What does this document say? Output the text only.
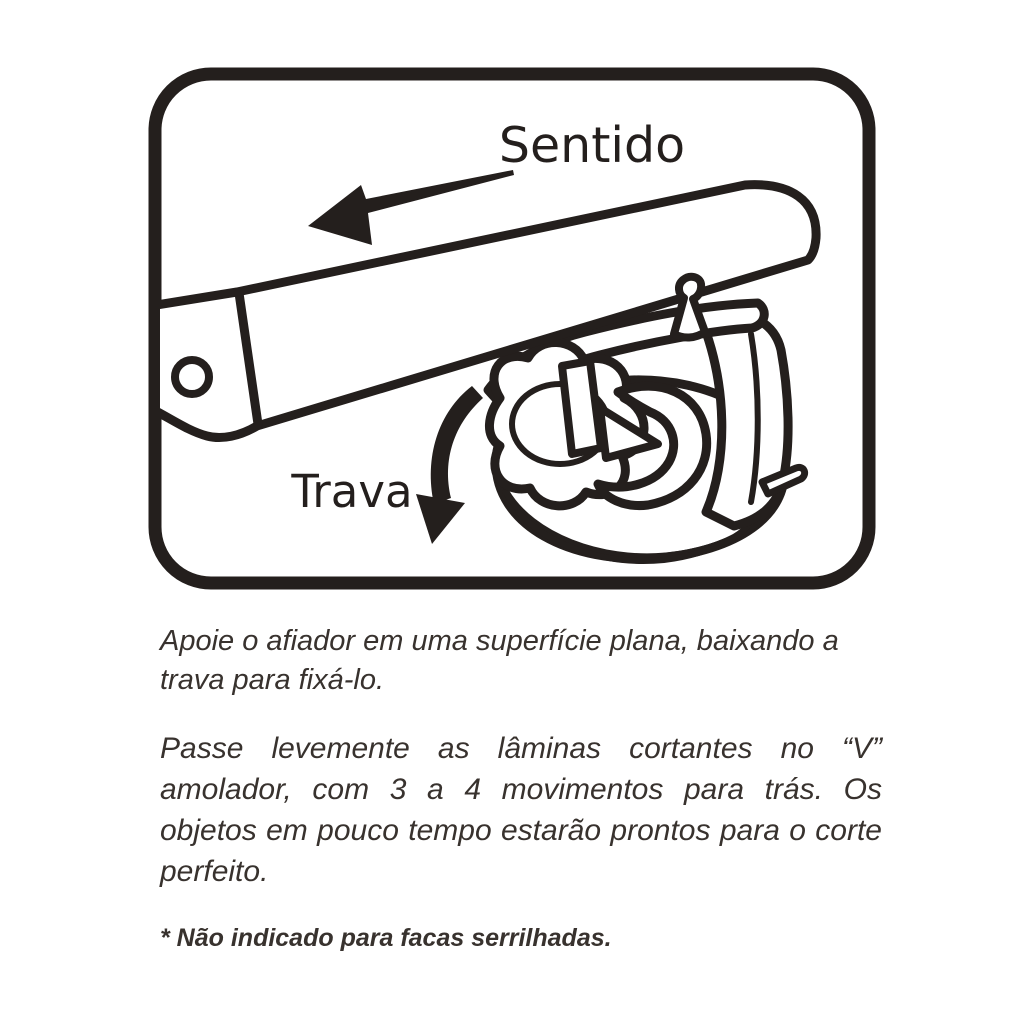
Sentido
Trava
Apoie o afiador em uma superfície plana, baixando a
trava para fixá-lo.
Passe levemente as lâminas cortantes no “V”
amolador, com 3 a 4 movimentos para trás. Os
objetos em pouco tempo estarão prontos para o corte
perfeito.
* Não indicado para facas serrilhadas.
